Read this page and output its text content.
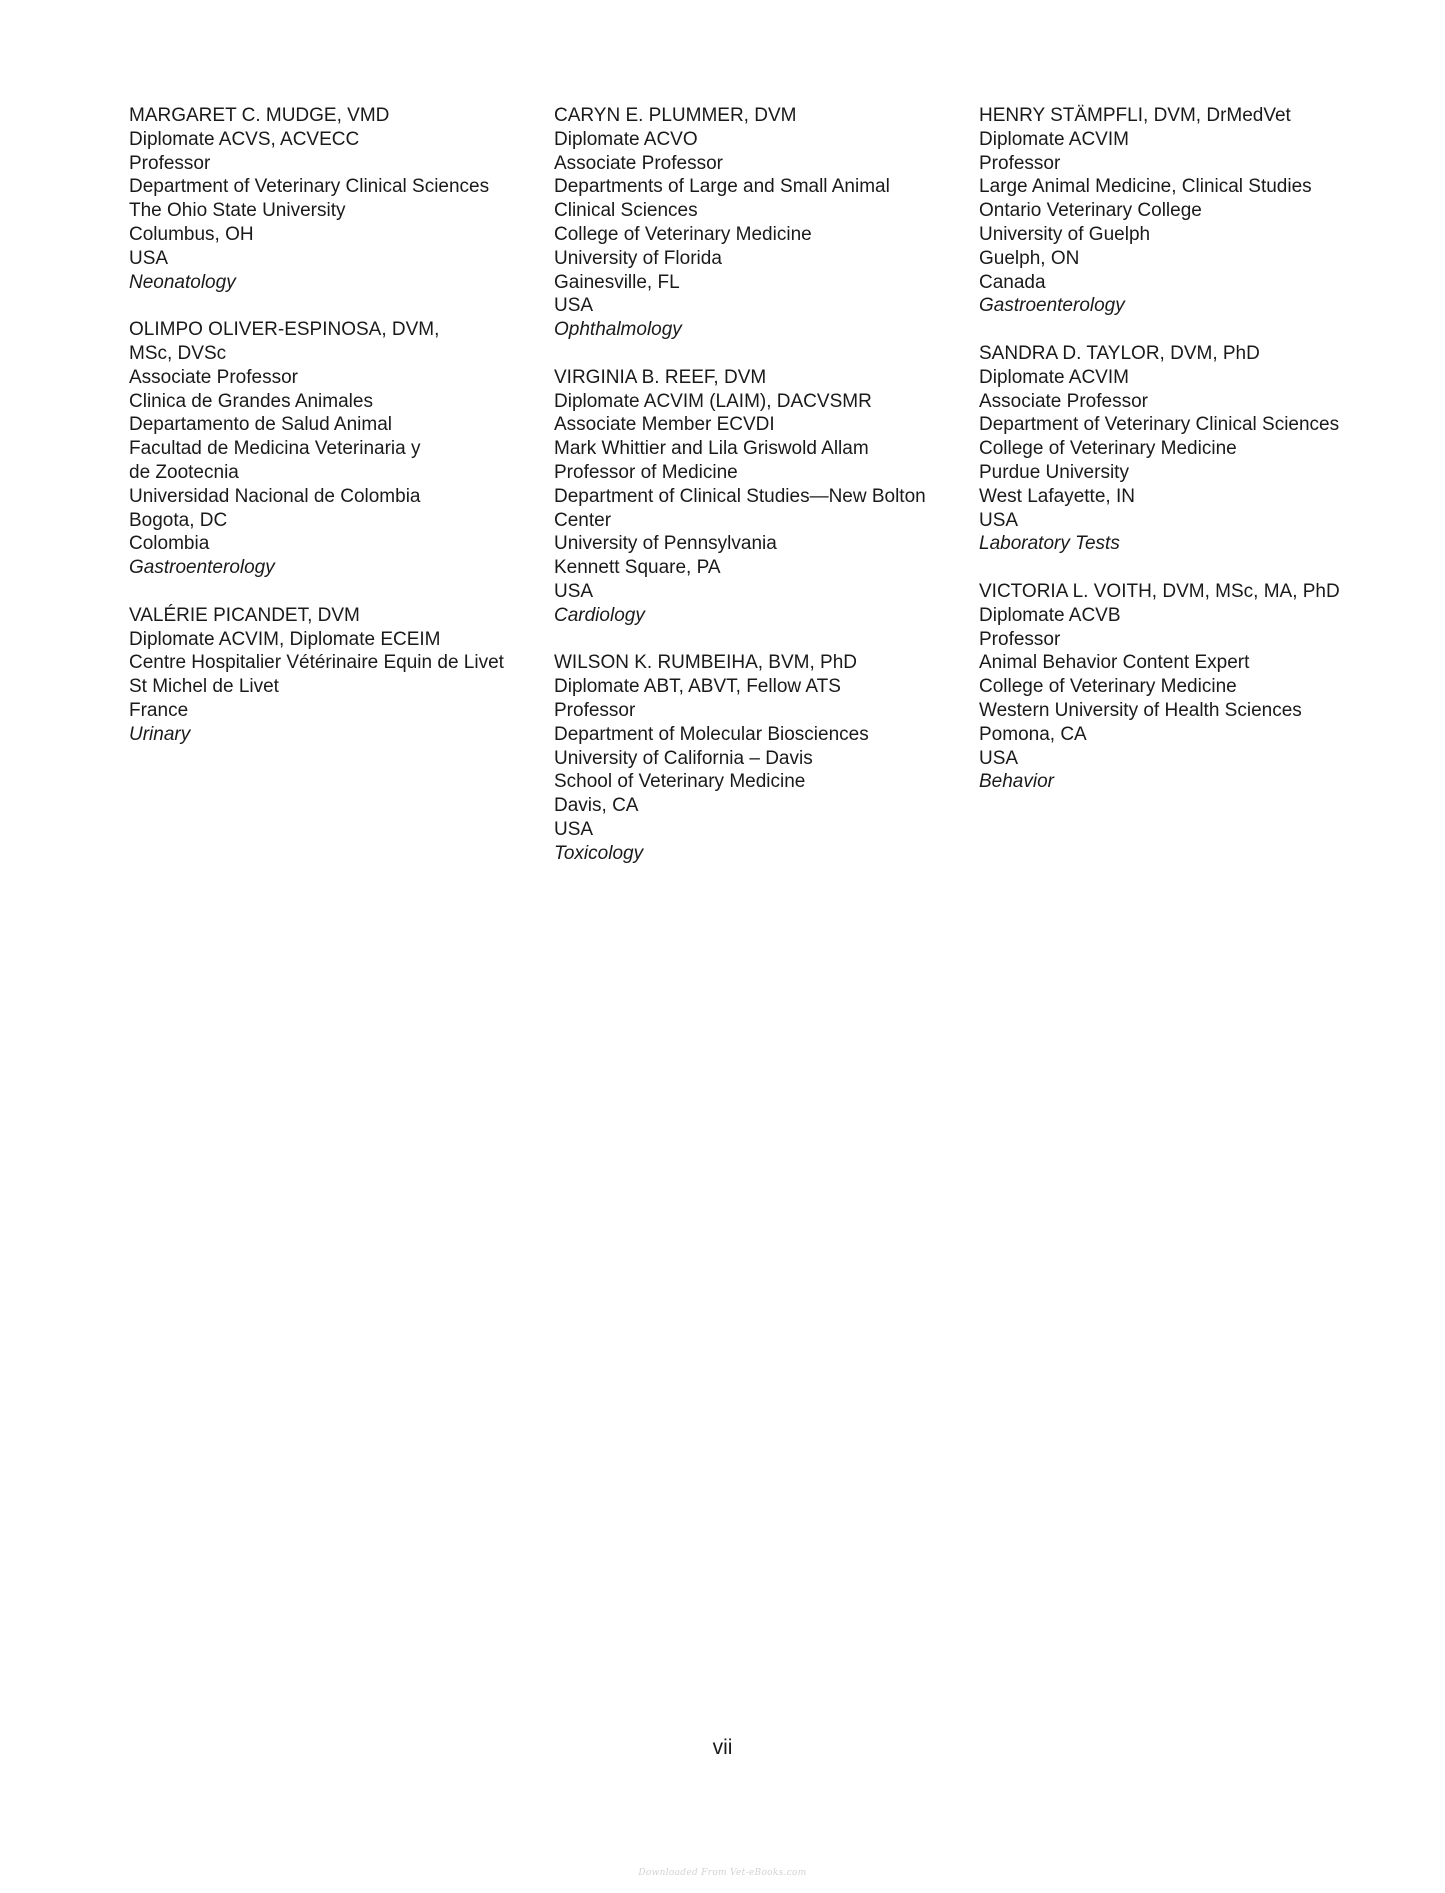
MARGARET C. MUDGE, VMD
Diplomate ACVS, ACVECC
Professor
Department of Veterinary Clinical Sciences
The Ohio State University
Columbus, OH
USA
Neonatology
OLIMPO OLIVER-ESPINOSA, DVM,
MSc, DVSc
Associate Professor
Clinica de Grandes Animales
Departamento de Salud Animal
Facultad de Medicina Veterinaria y
de Zootecnia
Universidad Nacional de Colombia
Bogota, DC
Colombia
Gastroenterology
VALÉRIE PICANDET, DVM
Diplomate ACVIM, Diplomate ECEIM
Centre Hospitalier Vétérinaire Equin de Livet
St Michel de Livet
France
Urinary
CARYN E. PLUMMER, DVM
Diplomate ACVO
Associate Professor
Departments of Large and Small Animal
Clinical Sciences
College of Veterinary Medicine
University of Florida
Gainesville, FL
USA
Ophthalmology
VIRGINIA B. REEF, DVM
Diplomate ACVIM (LAIM), DACVSMR
Associate Member ECVDI
Mark Whittier and Lila Griswold Allam
Professor of Medicine
Department of Clinical Studies—New Bolton
Center
University of Pennsylvania
Kennett Square, PA
USA
Cardiology
WILSON K. RUMBEIHA, BVM, PhD
Diplomate ABT, ABVT, Fellow ATS
Professor
Department of Molecular Biosciences
University of California – Davis
School of Veterinary Medicine
Davis, CA
USA
Toxicology
HENRY STÄMPFLI, DVM, DrMedVet
Diplomate ACVIM
Professor
Large Animal Medicine, Clinical Studies
Ontario Veterinary College
University of Guelph
Guelph, ON
Canada
Gastroenterology
SANDRA D. TAYLOR, DVM, PhD
Diplomate ACVIM
Associate Professor
Department of Veterinary Clinical Sciences
College of Veterinary Medicine
Purdue University
West Lafayette, IN
USA
Laboratory Tests
VICTORIA L. VOITH, DVM, MSc, MA, PhD
Diplomate ACVB
Professor
Animal Behavior Content Expert
College of Veterinary Medicine
Western University of Health Sciences
Pomona, CA
USA
Behavior
vii
Downloaded From Vet-eBooks.com
